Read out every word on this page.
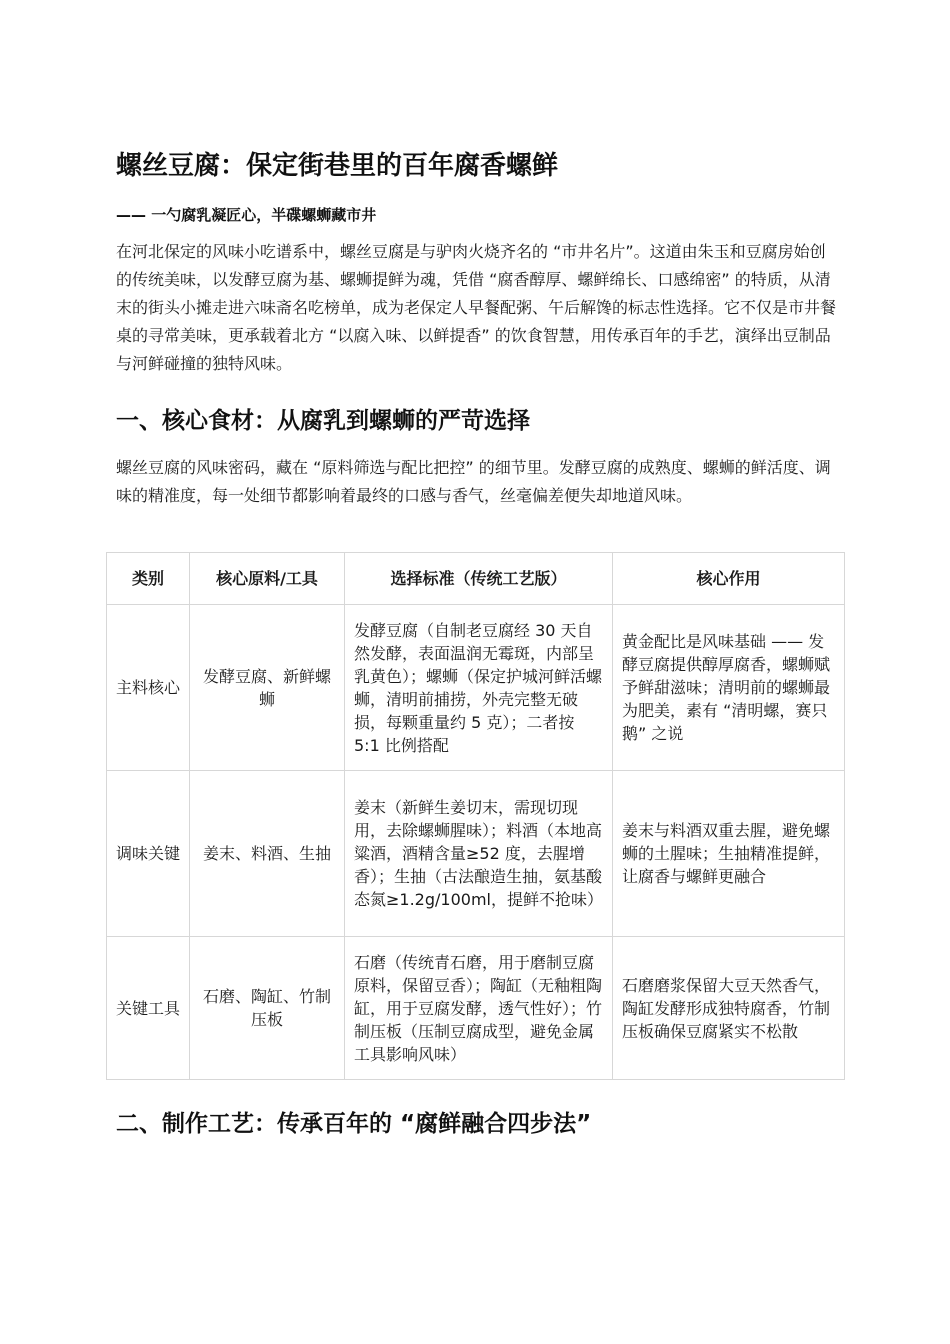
螺丝豆腐：保定街巷里的百年腐香螺鲜

—— 一勺腐乳凝匠心，半碟螺蛳藏市井

在河北保定的风味小吃谱系中，螺丝豆腐是与驴肉火烧齐名的 “市井名片”。这道由朱玉和豆腐房始创的传统美味，以发酵豆腐为基、螺蛳提鲜为魂，凭借 “腐香醇厚、螺鲜绵长、口感绵密” 的特质，从清末的街头小摊走进六味斋名吃榜单，成为老保定人早餐配粥、午后解馋的标志性选择。它不仅是市井餐桌的寻常美味，更承载着北方 “以腐入味、以鲜提香” 的饮食智慧，用传承百年的手艺，演绎出豆制品与河鲜碰撞的独特风味。

一、核心食材：从腐乳到螺蛳的严苛选择

螺丝豆腐的风味密码，藏在 “原料筛选与配比把控” 的细节里。发酵豆腐的成熟度、螺蛳的鲜活度、调味的精准度，每一处细节都影响着最终的口感与香气，丝毫偏差便失却地道风味。

类别	核心原料/工具	选择标准（传统工艺版）	核心作用
主料核心	发酵豆腐、新鲜螺蛳	发酵豆腐（自制老豆腐经 30 天自然发酵，表面温润无霉斑，内部呈乳黄色）；螺蛳（保定护城河鲜活螺蛳，清明前捕捞，外壳完整无破损，每颗重量约 5 克）；二者按 5:1 比例搭配	黄金配比是风味基础 —— 发酵豆腐提供醇厚腐香，螺蛳赋予鲜甜滋味；清明前的螺蛳最为肥美，素有 “清明螺，赛只鹅” 之说
调味关键	姜末、料酒、生抽	姜末（新鲜生姜切末，需现切现用，去除螺蛳腥味）；料酒（本地高粱酒，酒精含量≥52 度，去腥增香）；生抽（古法酿造生抽，氨基酸态氮≥1.2g/100ml，提鲜不抢味）	姜末与料酒双重去腥，避免螺蛳的土腥味；生抽精准提鲜，让腐香与螺鲜更融合
关键工具	石磨、陶缸、竹制压板	石磨（传统青石磨，用于磨制豆腐原料，保留豆香）；陶缸（无釉粗陶缸，用于豆腐发酵，透气性好）；竹制压板（压制豆腐成型，避免金属工具影响风味）	石磨磨浆保留大豆天然香气，陶缸发酵形成独特腐香，竹制压板确保豆腐紧实不松散
二、制作工艺：传承百年的 “腐鲜融合四步法”
